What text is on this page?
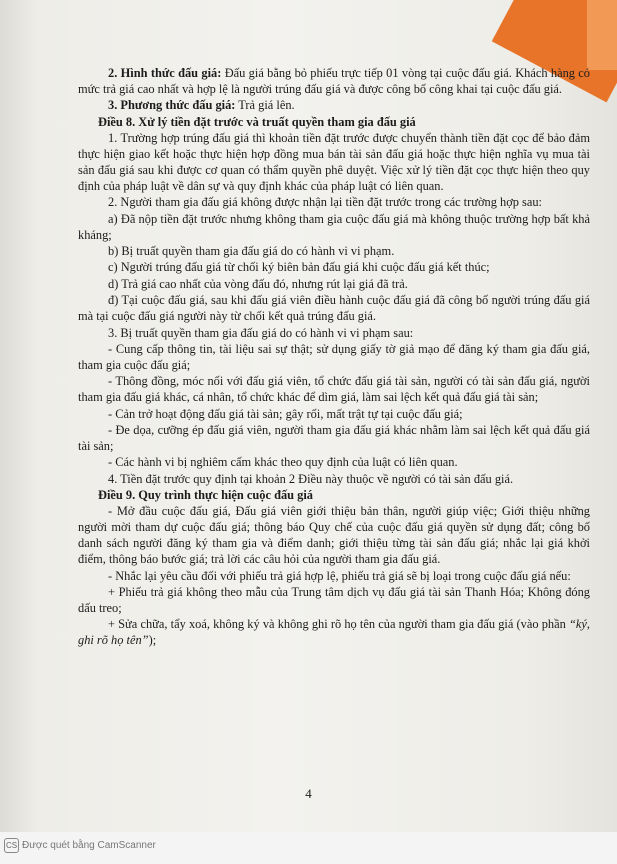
2. Hình thức đấu giá: Đấu giá bằng bỏ phiếu trực tiếp 01 vòng tại cuộc đấu giá. Khách hàng có mức trả giá cao nhất và hợp lệ là người trúng đấu giá và được công bố công khai tại cuộc đấu giá.

3. Phương thức đấu giá: Trả giá lên.

Điều 8. Xử lý tiền đặt trước và truất quyền tham gia đấu giá

1. Trường hợp trúng đấu giá thì khoản tiền đặt trước được chuyển thành tiền đặt cọc để bảo đảm thực hiện giao kết hoặc thực hiện hợp đồng mua bán tài sản đấu giá hoặc thực hiện nghĩa vụ mua tài sản đấu giá sau khi được cơ quan có thẩm quyền phê duyệt. Việc xử lý tiền đặt cọc thực hiện theo quy định của pháp luật về dân sự và quy định khác của pháp luật có liên quan.

2. Người tham gia đấu giá không được nhận lại tiền đặt trước trong các trường hợp sau:

a) Đã nộp tiền đặt trước nhưng không tham gia cuộc đấu giá mà không thuộc trường hợp bất khả kháng;

b) Bị truất quyền tham gia đấu giá do có hành vi vi phạm.

c) Người trúng đấu giá từ chối ký biên bản đấu giá khi cuộc đấu giá kết thúc;

d) Trả giá cao nhất của vòng đấu đó, nhưng rút lại giá đã trả.

đ) Tại cuộc đấu giá, sau khi đấu giá viên điều hành cuộc đấu giá đã công bố người trúng đấu giá mà tại cuộc đấu giá người này từ chối kết quả trúng đấu giá.

3. Bị truất quyền tham gia đấu giá do có hành vi vi phạm sau:

- Cung cấp thông tin, tài liệu sai sự thật; sử dụng giấy tờ giả mạo để đăng ký tham gia đấu giá, tham gia cuộc đấu giá;

- Thông đồng, móc nối với đấu giá viên, tổ chức đấu giá tài sản, người có tài sản đấu giá, người tham gia đấu giá khác, cá nhân, tổ chức khác để dìm giá, làm sai lệch kết quả đấu giá tài sản;

- Cản trở hoạt động đấu giá tài sản; gây rối, mất trật tự tại cuộc đấu giá;

- Đe dọa, cưỡng ép đấu giá viên, người tham gia đấu giá khác nhằm làm sai lệch kết quả đấu giá tài sản;

- Các hành vi bị nghiêm cấm khác theo quy định của luật có liên quan.

4. Tiền đặt trước quy định tại khoản 2 Điều này thuộc về người có tài sản đấu giá.

Điều 9. Quy trình thực hiện cuộc đấu giá

- Mở đầu cuộc đấu giá, Đấu giá viên giới thiệu bản thân, người giúp việc; Giới thiệu những người mời tham dự cuộc đấu giá; thông báo Quy chế của cuộc đấu giá quyền sử dụng đất; công bố danh sách người đăng ký tham gia và điểm danh; giới thiệu từng tài sản đấu giá; nhắc lại giá khởi điểm, thông báo bước giá; trả lời các câu hỏi của người tham gia đấu giá.

- Nhắc lại yêu cầu đối với phiếu trả giá hợp lệ, phiếu trả giá sẽ bị loại trong cuộc đấu giá nếu:

+ Phiếu trả giá không theo mẫu của Trung tâm dịch vụ đấu giá tài sản Thanh Hóa; Không đóng dấu treo;

+ Sửa chữa, tẩy xoá, không ký và không ghi rõ họ tên của người tham gia đấu giá (vào phần “ký, ghi rõ họ tên”);

4
CS Được quét bằng CamScanner
